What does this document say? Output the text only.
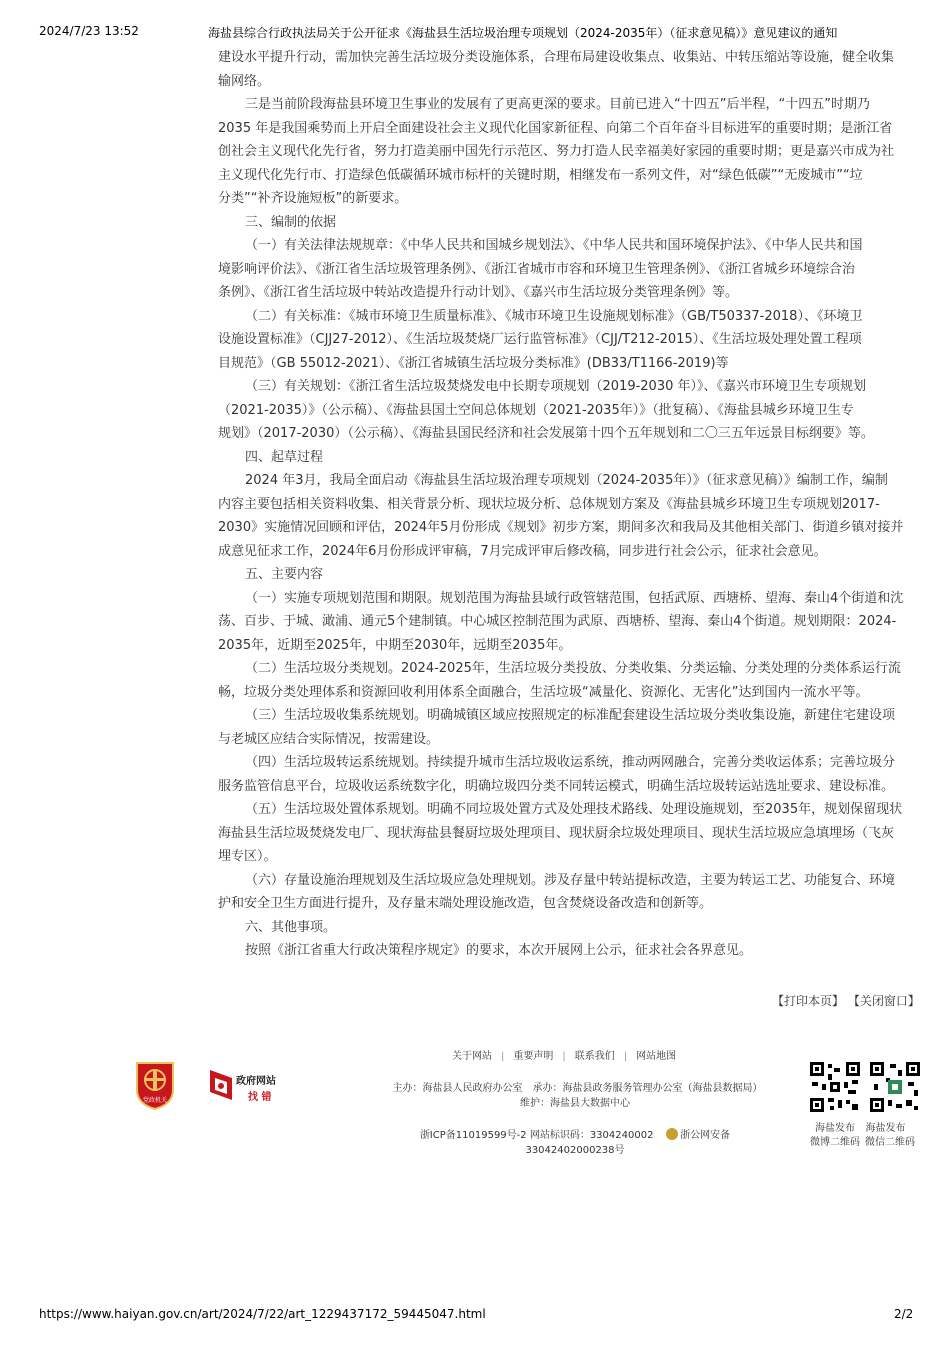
2024/7/23 13:52	海盐县综合行政执法局关于公开征求《海盐县生活垃圾治理专项规划（2024-2035年）（征求意见稿）》意见建议的通知

建设水平提升行动，需加快完善生活垃圾分类设施体系，合理布局建设收集点、收集站、中转压缩站等设施，健全收集

输网络。

三是当前阶段海盐县环境卫生事业的发展有了更高更深的要求。目前已进入“十四五”后半程，“十四五”时期乃

2035 年是我国乘势而上开启全面建设社会主义现代化国家新征程、向第二个百年奋斗目标进军的重要时期；是浙江省

创社会主义现代化先行省，努力打造美丽中国先行示范区、努力打造人民幸福美好家园的重要时期；更是嘉兴市成为社

主义现代化先行市、打造绿色低碳循环城市标杆的关键时期，相继发布一系列文件，对“绿色低碳”“无废城市”“垃

分类”“补齐设施短板”的新要求。

三、编制的依据

（一）有关法律法规规章：《中华人民共和国城乡规划法》、《中华人民共和国环境保护法》、《中华人民共和国

境影响评价法》、《浙江省生活垃圾管理条例》、《浙江省城市市容和环境卫生管理条例》、《浙江省城乡环境综合治

条例》、《浙江省生活垃圾中转站改造提升行动计划》、《嘉兴市生活垃圾分类管理条例》等。

（二）有关标准：《城市环境卫生质量标准》、《城市环境卫生设施规划标准》（GB/T50337-2018）、《环境卫

设施设置标准》（CJJ27-2012）、《生活垃圾焚烧厂运行监管标准》（CJJ/T212-2015）、《生活垃圾处理处置工程项

目规范》（GB 55012-2021）、《浙江省城镇生活垃圾分类标准》(DB33/T1166-2019)等

（三）有关规划：《浙江省生活垃圾焚烧发电中长期专项规划（2019-2030 年）》、《嘉兴市环境卫生专项规划

（2021-2035）》（公示稿）、《海盐县国土空间总体规划（2021-2035年）》（批复稿）、《海盐县城乡环境卫生专

规划》（2017-2030）（公示稿）、《海盐县国民经济和社会发展第十四个五年规划和二〇三五年远景目标纲要》等。

四、起草过程

2024 年3月，我局全面启动《海盐县生活垃圾治理专项规划（2024-2035年）》（征求意见稿）》编制工作，编制

内容主要包括相关资料收集、相关背景分析、现状垃圾分析、总体规划方案及《海盐县城乡环境卫生专项规划2017-

2030》实施情况回顾和评估，2024年5月份形成《规划》初步方案，期间多次和我局及其他相关部门、街道乡镇对接并

成意见征求工作，2024年6月份形成评审稿，7月完成评审后修改稿，同步进行社会公示，征求社会意见。

五、主要内容

（一）实施专项规划范围和期限。规划范围为海盐县域行政管辖范围，包括武原、西塘桥、望海、秦山4个街道和沈

荡、百步、于城、澉浦、通元5个建制镇。中心城区控制范围为武原、西塘桥、望海、秦山4个街道。规划期限：2024-

2035年，近期至2025年，中期至2030年，远期至2035年。

（二）生活垃圾分类规划。2024-2025年，生活垃圾分类投放、分类收集、分类运输、分类处理的分类体系运行流

畅，垃圾分类处理体系和资源回收利用体系全面融合，生活垃圾“减量化、资源化、无害化”达到国内一流水平等。

（三）生活垃圾收集系统规划。明确城镇区域应按照规定的标准配套建设生活垃圾分类收集设施，新建住宅建设项

与老城区应结合实际情况，按需建设。

（四）生活垃圾转运系统规划。持续提升城市生活垃圾收运系统，推动两网融合，完善分类收运体系；完善垃圾分

服务监管信息平台，垃圾收运系统数字化，明确垃圾四分类不同转运模式，明确生活垃圾转运站选址要求、建设标准。

（五）生活垃圾处置体系规划。明确不同垃圾处置方式及处理技术路线、处理设施规划，至2035年，规划保留现状

海盐县生活垃圾焚烧发电厂、现状海盐县餐厨垃圾处理项目、现状厨余垃圾处理项目、现状生活垃圾应急填埋场（飞灰

埋专区）。

（六）存量设施治理规划及生活垃圾应急处理规划。涉及存量中转站提标改造，主要为转运工艺、功能复合、环境

护和安全卫生方面进行提升，及存量末端处理设施改造，包含焚烧设备改造和创新等。

六、其他事项。

按照《浙江省重大行政决策程序规定》的要求，本次开展网上公示，征求社会各界意见。

【打印本页】 【关闭窗口】
党政机关
政府网站
找 错
关于网站 | 重要声明 | 联系我们 | 网站地图
主办：海盐县人民政府办公室　承办：海盐县政务服务管理办公室（海盐县数据局）　维护：海盐县大数据中心
浙ICP备11019599号-2 网站标识码：3304240002	浙公网安备
33042402000238号
海盐发布
微博二维码
海盐发布
微信二维码
https://www.haiyan.gov.cn/art/2024/7/22/art_1229437172_59445047.html	2/2
